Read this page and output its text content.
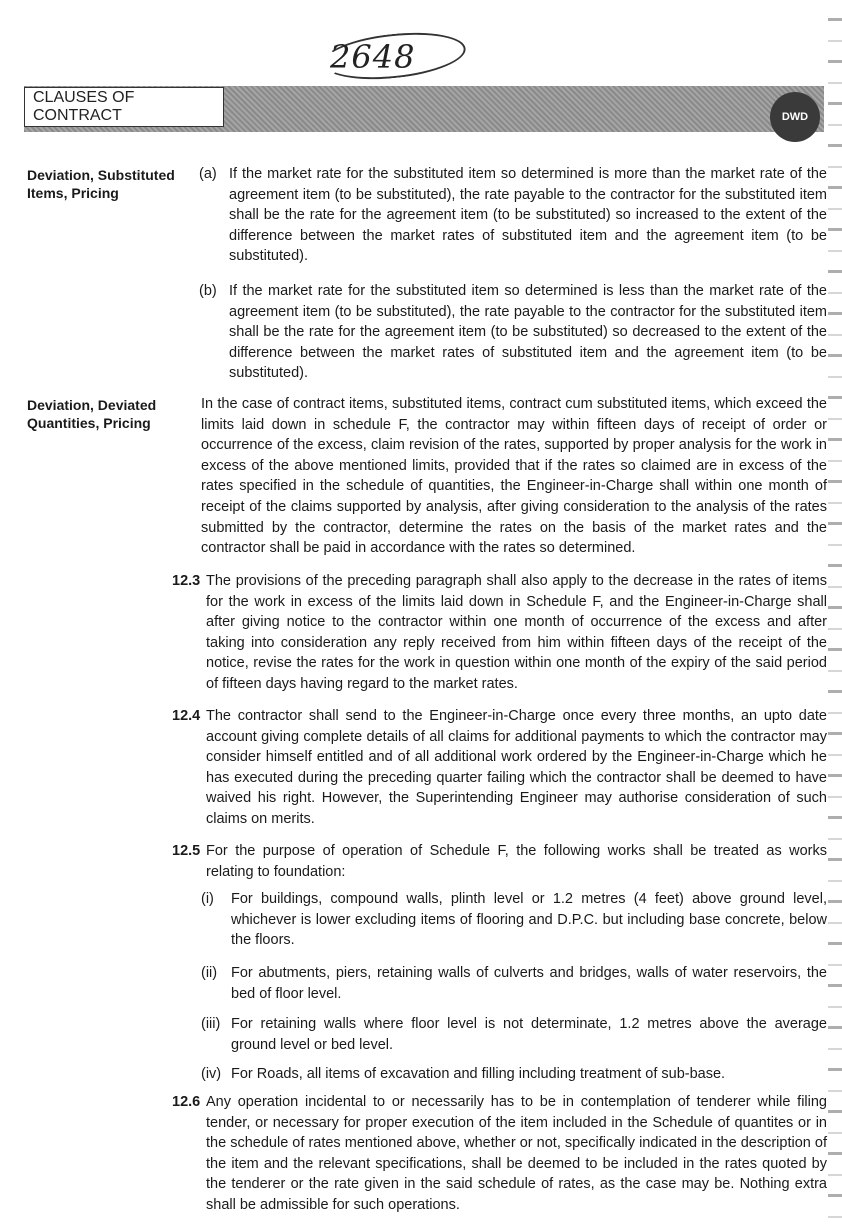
2648
CLAUSES OF CONTRACT	DWD
Deviation, Substituted Items, Pricing
Deviation, Deviated Quantities, Pricing
(a) If the market rate for the substituted item so determined is more than the market rate of the agreement item (to be substituted), the rate payable to the contractor for the substituted item shall be the rate for the agreement item (to be substituted) so increased to the extent of the difference between the market rates of substituted item and the agreement item (to be substituted).
(b) If the market rate for the substituted item so determined is less than the market rate of the agreement item (to be substituted), the rate payable to the contractor for the substituted item shall be the rate for the agreement item (to be substituted) so decreased to the extent of the difference between the market rates of substituted item and the agreement item (to be substituted).
In the case of contract items, substituted items, contract cum substituted items, which exceed the limits laid down in schedule F, the contractor may within fifteen days of receipt of order or occurrence of the excess, claim revision of the rates, supported by proper analysis for the work in excess of the above mentioned limits, provided that if the rates so claimed are in excess of the rates specified in the schedule of quantities, the Engineer-in-Charge shall within one month of receipt of the claims supported by analysis, after giving consideration to the analysis of the rates submitted by the contractor, determine the rates on the basis of the market rates and the contractor shall be paid in accordance with the rates so determined.
12.3 The provisions of the preceding paragraph shall also apply to the decrease in the rates of items for the work in excess of the limits laid down in Schedule F, and the Engineer-in-Charge shall after giving notice to the contractor within one month of occurrence of the excess and after taking into consideration any reply received from him within fifteen days of the receipt of the notice, revise the rates for the work in question within one month of the expiry of the said period of fifteen days having regard to the market rates.
12.4 The contractor shall send to the Engineer-in-Charge once every three months, an upto date account giving complete details of all claims for additional payments to which the contractor may consider himself entitled and of all additional work ordered by the Engineer-in-Charge which he has executed during the preceding quarter failing which the contractor shall be deemed to have waived his right. However, the Superintending Engineer may authorise consideration of such claims on merits.
12.5 For the purpose of operation of Schedule F, the following works shall be treated as works relating to foundation:
(i) For buildings, compound walls, plinth level or 1.2 metres (4 feet) above ground level, whichever is lower excluding items of flooring and D.P.C. but including base concrete, below the floors.
(ii) For abutments, piers, retaining walls of culverts and bridges, walls of water reservoirs, the bed of floor level.
(iii) For retaining walls where floor level is not determinate, 1.2 metres above the average ground level or bed level.
(iv) For Roads, all items of excavation and filling including treatment of sub-base.
12.6 Any operation incidental to or necessarily has to be in contemplation of tenderer while filing tender, or necessary for proper execution of the item included in the Schedule of quantites or in the schedule of rates mentioned above, whether or not, specifically indicated in the description of the item and the relevant specifications, shall be deemed to be included in the rates quoted by the tenderer or the rate given in the said schedule of rates, as the case may be. Nothing extra shall be admissible for such operations.
